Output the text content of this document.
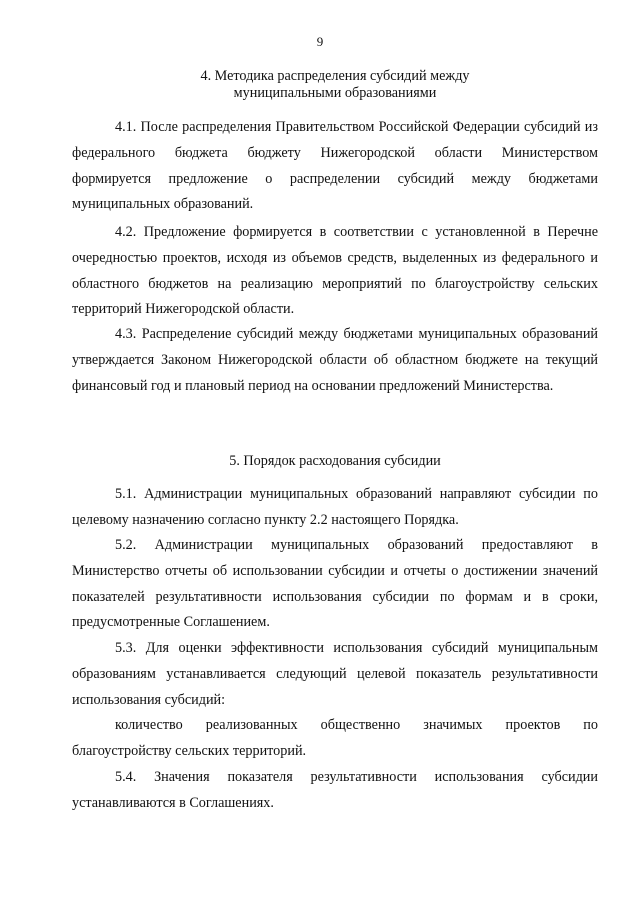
9
4. Методика распределения субсидий между
муниципальными образованиями

4.1. После распределения Правительством Российской Федерации субсидий из федерального бюджета бюджету Нижегородской области Министерством формируется предложение о распределении субсидий между бюджетами муниципальных образований.

4.2. Предложение формируется в соответствии с установленной в Перечне очередностью проектов, исходя из объемов средств, выделенных из федерального и областного бюджетов на реализацию мероприятий по благоустройству сельских территорий Нижегородской области.

4.3. Распределение субсидий между бюджетами муниципальных образований утверждается Законом Нижегородской области об областном бюджете на текущий финансовый год и плановый период на основании предложений Министерства.

5. Порядок расходования субсидии

5.1. Администрации муниципальных образований направляют субсидии по целевому назначению согласно пункту 2.2 настоящего Порядка.

5.2. Администрации муниципальных образований предоставляют в Министерство отчеты об использовании субсидии и отчеты о достижении значений показателей результативности использования субсидии по формам и в сроки, предусмотренные Соглашением.

5.3. Для оценки эффективности использования субсидий муниципальным образованиям устанавливается следующий целевой показатель результативности использования субсидий:

количество реализованных общественно значимых проектов по благоустройству сельских территорий.

5.4. Значения показателя результативности использования субсидии устанавливаются в Соглашениях.
